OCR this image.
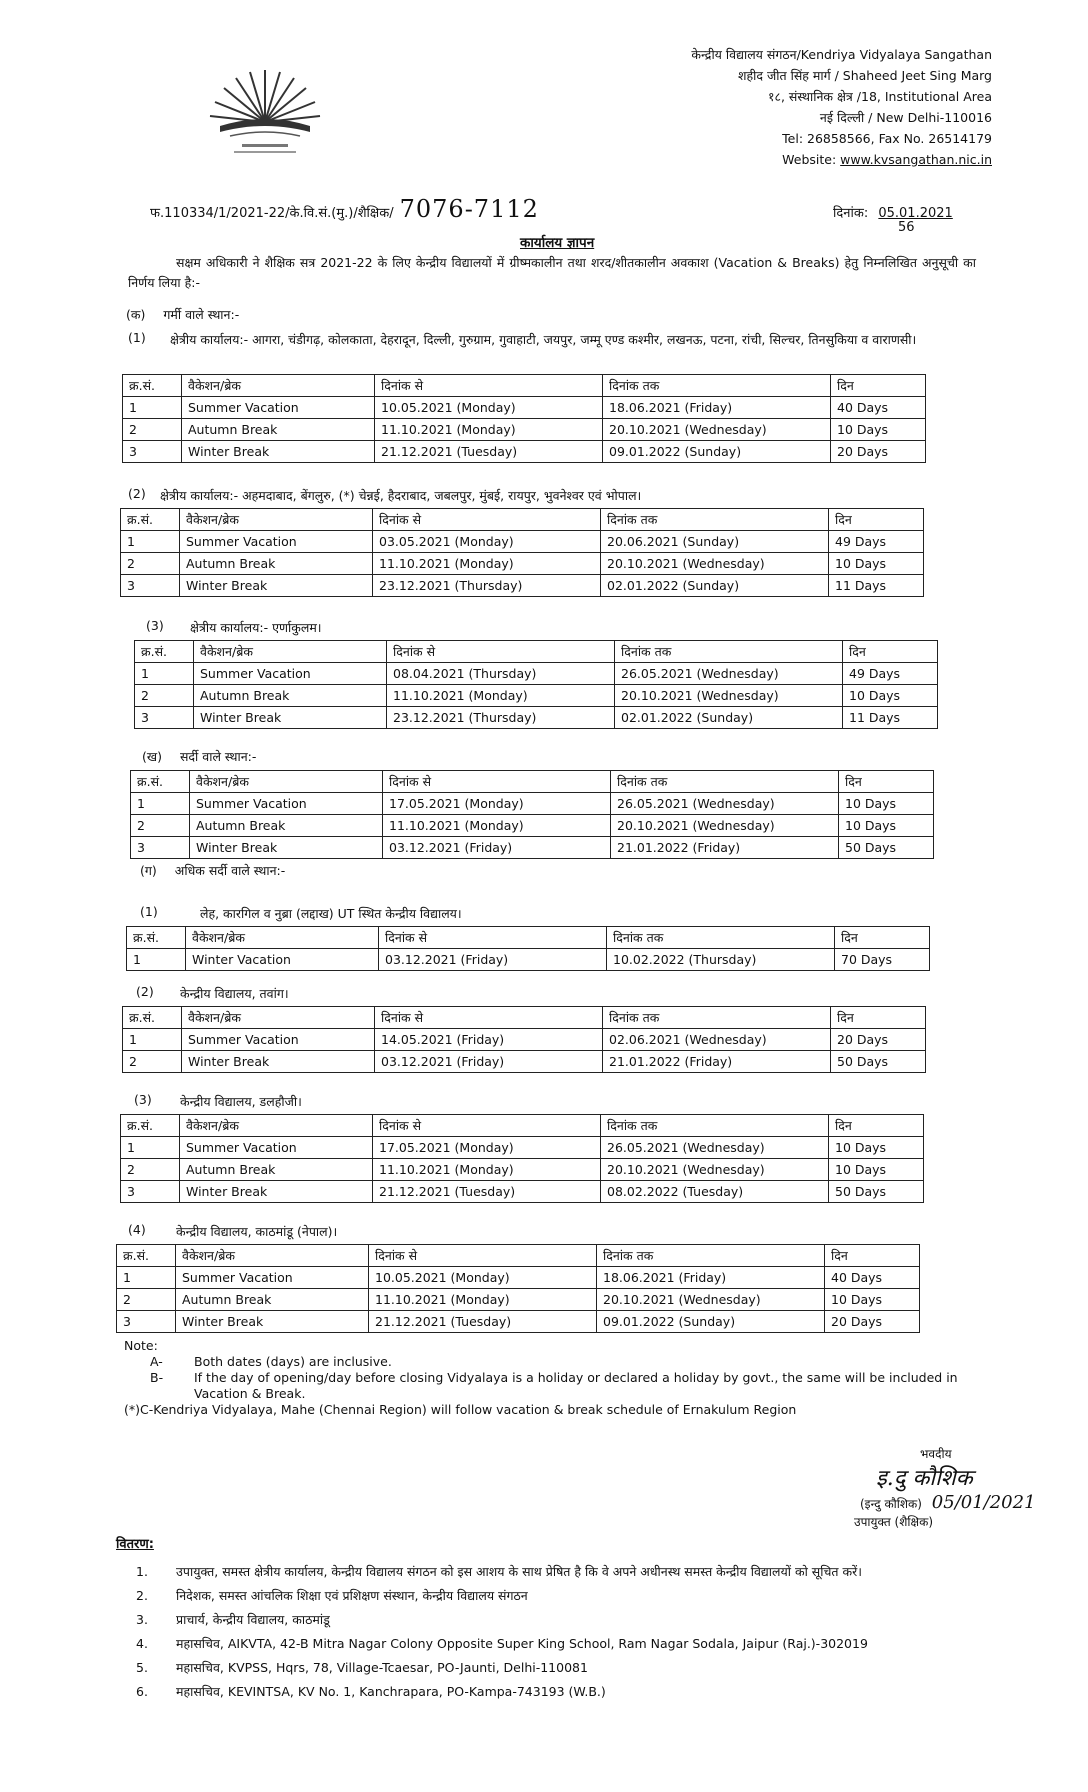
केन्द्रीय विद्यालय संगठन/Kendriya Vidyalaya Sangathan
शहीद जीत सिंह मार्ग / Shaheed Jeet Sing Marg
१८, संस्थानिक क्षेत्र /18, Institutional Area
नई दिल्ली / New Delhi-110016
Tel: 26858566, Fax No. 26514179
Website: www.kvsangathan.nic.in
फ.110334/1/2021-22/के.वि.सं.(मु.)/शैक्षिक/ 7076-7112	दिनांक: 05.01.2021
56
कार्यालय ज्ञापन
सक्षम अधिकारी ने शैक्षिक सत्र 2021-22 के लिए केन्द्रीय विद्यालयों में ग्रीष्मकालीन तथा शरद/शीतकालीन अवकाश (Vacation & Breaks) हेतु निम्नलिखित अनुसूची का निर्णय लिया है:-
(क) गर्मी वाले स्थान:-
(1) क्षेत्रीय कार्यालय:- आगरा, चंडीगढ़, कोलकाता, देहरादून, दिल्ली, गुरुग्राम, गुवाहाटी, जयपुर, जम्मू एण्ड कश्मीर, लखनऊ, पटना, रांची, सिल्चर, तिनसुकिया व वाराणसी।
क्र.सं.	वैकेशन/ब्रेक	दिनांक से	दिनांक तक	दिन
1	Summer Vacation	10.05.2021 (Monday)	18.06.2021 (Friday)	40 Days
2	Autumn Break	11.10.2021 (Monday)	20.10.2021 (Wednesday)	10 Days
3	Winter Break	21.12.2021 (Tuesday)	09.01.2022 (Sunday)	20 Days
(2) क्षेत्रीय कार्यालय:- अहमदाबाद, बेंगलुरु, (*) चेन्नई, हैदराबाद, जबलपुर, मुंबई, रायपुर, भुवनेश्वर एवं भोपाल।
क्र.सं.	वैकेशन/ब्रेक	दिनांक से	दिनांक तक	दिन
1	Summer Vacation	03.05.2021 (Monday)	20.06.2021 (Sunday)	49 Days
2	Autumn Break	11.10.2021 (Monday)	20.10.2021 (Wednesday)	10 Days
3	Winter Break	23.12.2021 (Thursday)	02.01.2022 (Sunday)	11 Days
(3) क्षेत्रीय कार्यालय:- एर्णाकुलम।
क्र.सं.	वैकेशन/ब्रेक	दिनांक से	दिनांक तक	दिन
1	Summer Vacation	08.04.2021 (Thursday)	26.05.2021 (Wednesday)	49 Days
2	Autumn Break	11.10.2021 (Monday)	20.10.2021 (Wednesday)	10 Days
3	Winter Break	23.12.2021 (Thursday)	02.01.2022 (Sunday)	11 Days
(ख) सर्दी वाले स्थान:-
क्र.सं.	वैकेशन/ब्रेक	दिनांक से	दिनांक तक	दिन
1	Summer Vacation	17.05.2021 (Monday)	26.05.2021 (Wednesday)	10 Days
2	Autumn Break	11.10.2021 (Monday)	20.10.2021 (Wednesday)	10 Days
3	Winter Break	03.12.2021 (Friday)	21.01.2022 (Friday)	50 Days
(ग) अधिक सर्दी वाले स्थान:-
(1)	लेह, कारगिल व नुब्रा (लद्दाख) UT स्थित केन्द्रीय विद्यालय।
क्र.सं.	वैकेशन/ब्रेक	दिनांक से	दिनांक तक	दिन
1	Winter Vacation	03.12.2021 (Friday)	10.02.2022 (Thursday)	70 Days
(2) केन्द्रीय विद्यालय, तवांग।
क्र.सं.	वैकेशन/ब्रेक	दिनांक से	दिनांक तक	दिन
1	Summer Vacation	14.05.2021 (Friday)	02.06.2021 (Wednesday)	20 Days
2	Winter Break	03.12.2021 (Friday)	21.01.2022 (Friday)	50 Days
(3) केन्द्रीय विद्यालय, डलहौजी।
क्र.सं.	वैकेशन/ब्रेक	दिनांक से	दिनांक तक	दिन
1	Summer Vacation	17.05.2021 (Monday)	26.05.2021 (Wednesday)	10 Days
2	Autumn Break	11.10.2021 (Monday)	20.10.2021 (Wednesday)	10 Days
3	Winter Break	21.12.2021 (Tuesday)	08.02.2022 (Tuesday)	50 Days
(4) केन्द्रीय विद्यालय, काठमांडू (नेपाल)।
क्र.सं.	वैकेशन/ब्रेक	दिनांक से	दिनांक तक	दिन
1	Summer Vacation	10.05.2021 (Monday)	18.06.2021 (Friday)	40 Days
2	Autumn Break	11.10.2021 (Monday)	20.10.2021 (Wednesday)	10 Days
3	Winter Break	21.12.2021 (Tuesday)	09.01.2022 (Sunday)	20 Days
Note:
A-	Both dates (days) are inclusive.
B-	If the day of opening/day before closing Vidyalaya is a holiday or declared a holiday by govt., the same will be included in Vacation & Break.
(*)C-Kendriya Vidyalaya, Mahe (Chennai Region) will follow vacation & break schedule of Ernakulum Region
भवदीय
इ.दु कौशिक
(इन्दु कौशिक) 05/01/2021
उपायुक्त (शैक्षिक)
वितरण:
1.	उपायुक्त, समस्त क्षेत्रीय कार्यालय, केन्द्रीय विद्यालय संगठन को इस आशय के साथ प्रेषित है कि वे अपने अधीनस्थ समस्त केन्द्रीय विद्यालयों को सूचित करें।
2.	निदेशक, समस्त आंचलिक शिक्षा एवं प्रशिक्षण संस्थान, केन्द्रीय विद्यालय संगठन
3.	प्राचार्य, केन्द्रीय विद्यालय, काठमांडू
4.	महासचिव, AIKVTA, 42-B Mitra Nagar Colony Opposite Super King School, Ram Nagar Sodala, Jaipur (Raj.)-302019
5.	महासचिव, KVPSS, Hqrs, 78, Village-Tcaesar, PO-Jaunti, Delhi-110081
6.	महासचिव, KEVINTSA, KV No. 1, Kanchrapara, PO-Kampa-743193 (W.B.)
